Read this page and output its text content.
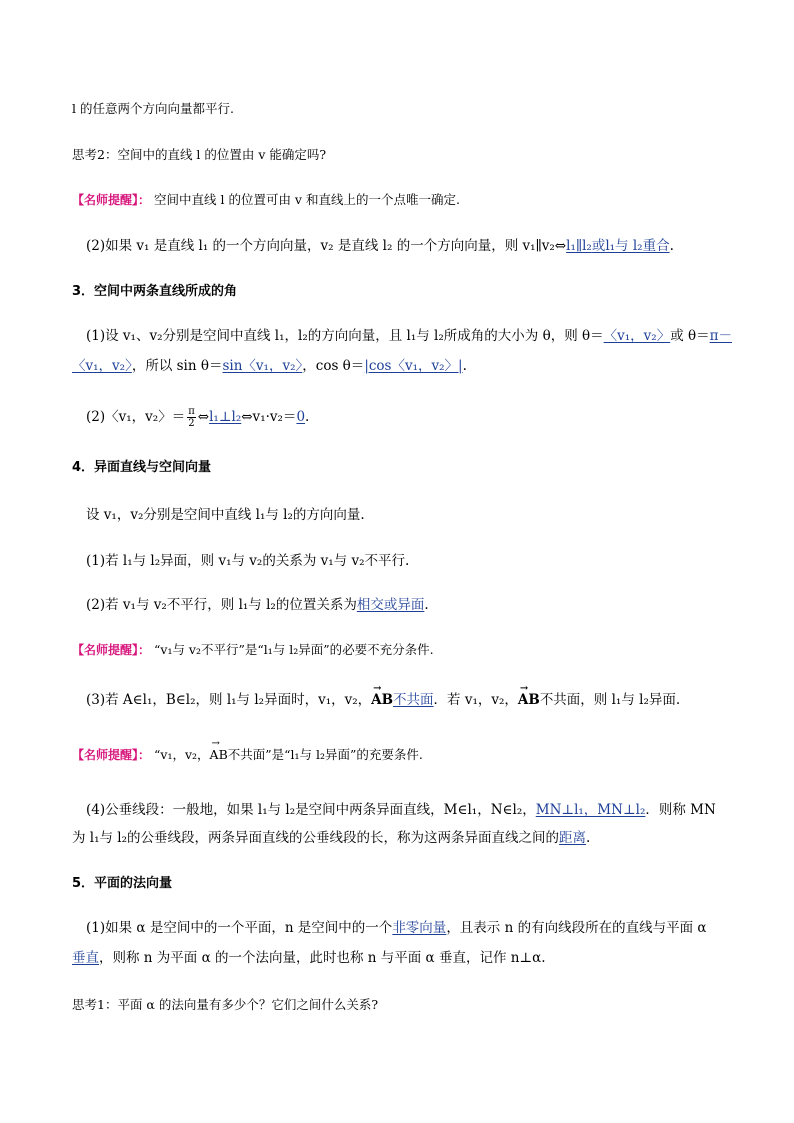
l 的任意两个方向向量都平行.
思考2：空间中的直线 l 的位置由 v 能确定吗?
【名师提醒】： 空间中直线 l 的位置可由 v 和直线上的一个点唯一确定.
(2)如果 v₁ 是直线 l₁ 的一个方向向量，v₂ 是直线 l₂ 的一个方向向量，则 v₁∥v₂⇔l₁∥l₂或l₁与 l₂重合.
3．空间中两条直线所成的角
(1)设 v₁、v₂分别是空间中直线 l₁，l₂的方向向量，且 l₁与 l₂所成角的大小为 θ，则 θ＝〈v₁，v₂〉或 θ＝π－
〈v₁，v₂〉，所以 sin θ＝sin〈v₁，v₂〉，cos θ＝|cos〈v₁，v₂〉|.
(2)〈v₁，v₂〉＝ $\frac{\pi}{2}$ ⇔l₁⊥l₂⇔v₁·v₂＝0.
4．异面直线与空间向量
设 v₁，v₂分别是空间中直线 l₁与 l₂的方向向量.
(1)若 l₁与 l₂异面，则 v₁与 v₂的关系为 v₁与 v₂不平行.
(2)若 v₁与 v₂不平行，则 l₁与 l₂的位置关系为相交或异面.
【名师提醒】： “v₁与 v₂不平行”是“l₁与 l₂异面”的必要不充分条件.
(3)若 A∈l₁，B∈l₂，则 l₁与 l₂异面时，v₁，v₂，→ AB不共面．若 v₁，v₂，→ AB不共面，则 l₁与 l₂异面.
【名师提醒】： “v₁，v₂，→ AB不共面”是“l₁与 l₂异面”的充要条件.
(4)公垂线段：一般地，如果 l₁与 l₂是空间中两条异面直线，M∈l₁，N∈l₂，MN⊥l₁，MN⊥l₂．则称 MN
为 l₁与 l₂的公垂线段，两条异面直线的公垂线段的长，称为这两条异面直线之间的距离.
5．平面的法向量
(1)如果 α 是空间中的一个平面，n 是空间中的一个非零向量，且表示 n 的有向线段所在的直线与平面 α
垂直，则称 n 为平面 α 的一个法向量，此时也称 n 与平面 α 垂直，记作 n⊥α.
思考1：平面 α 的法向量有多少个？它们之间什么关系?
